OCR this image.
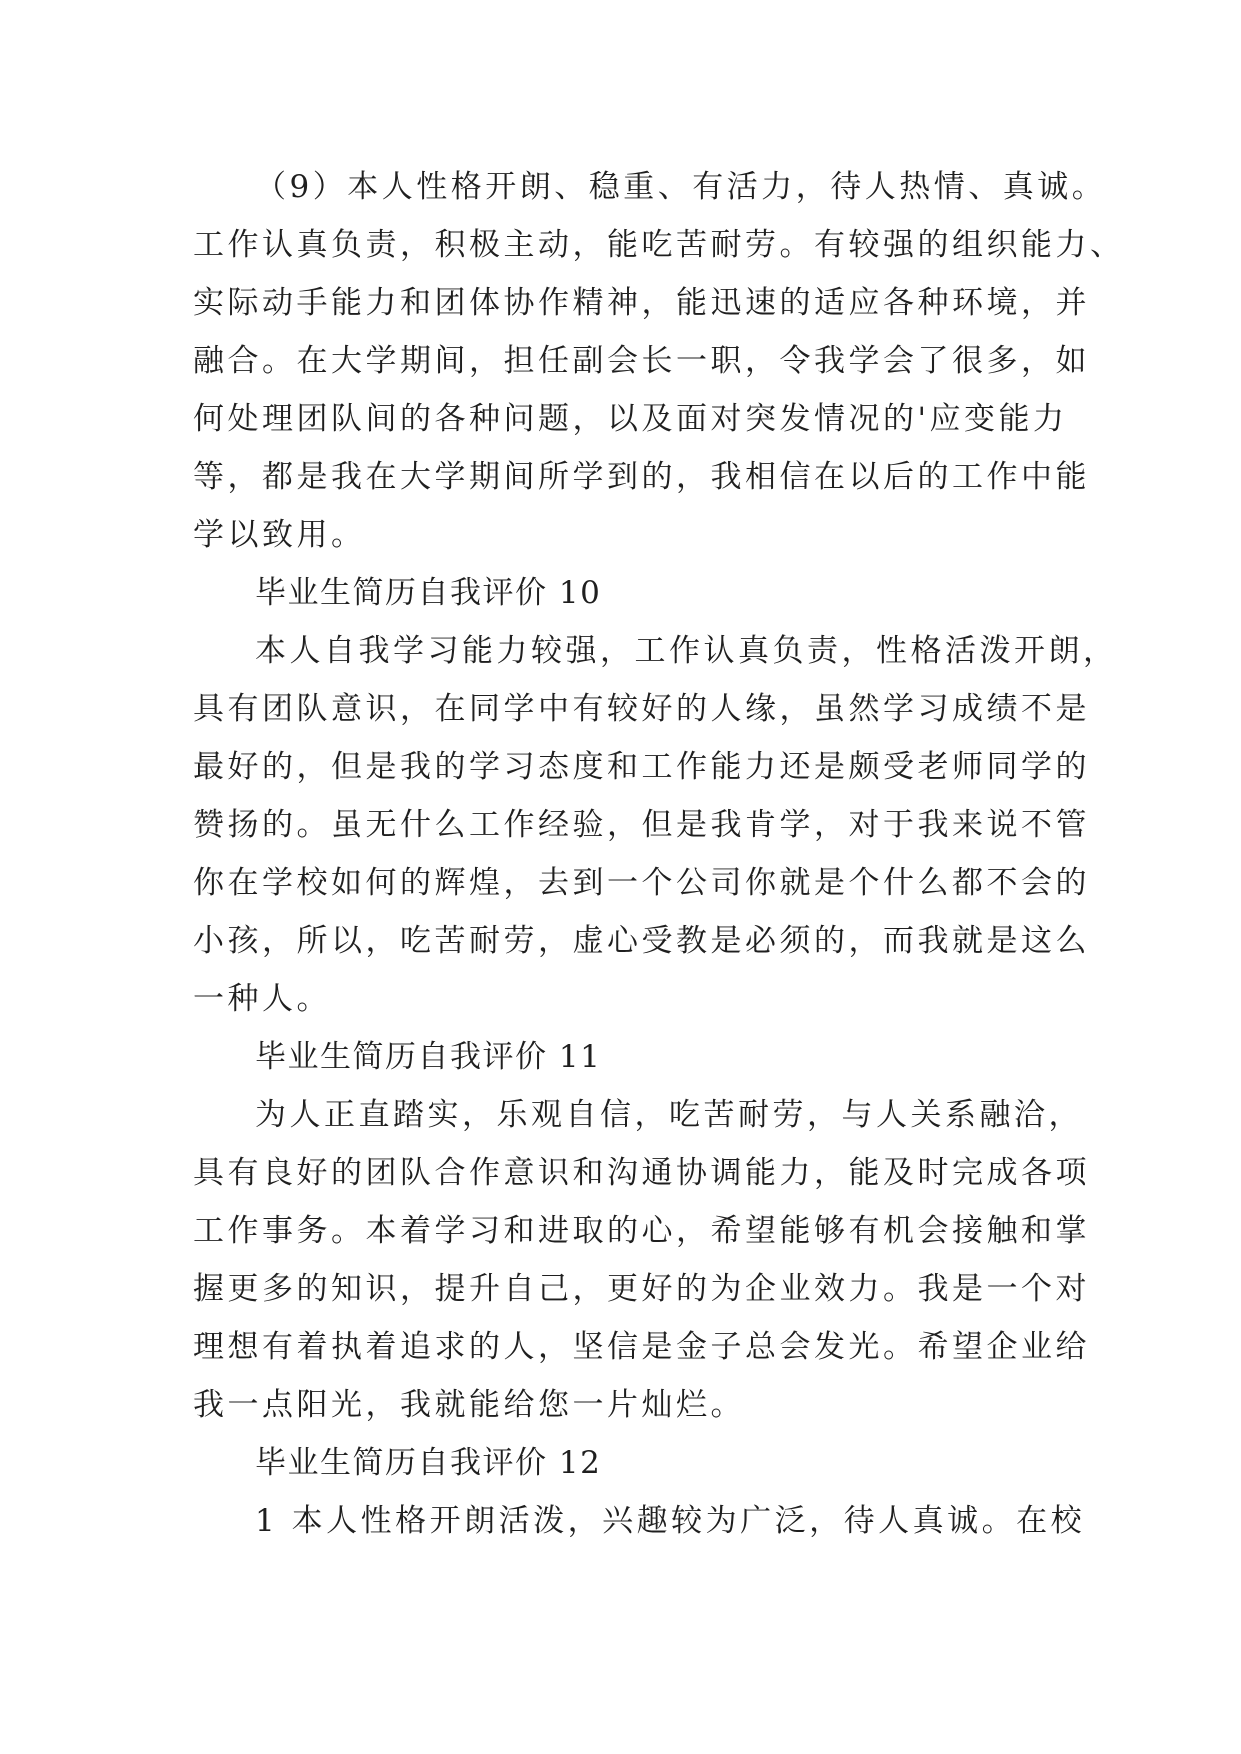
（9）本人性格开朗、稳重、有活力，待人热情、真诚。
工作认真负责，积极主动，能吃苦耐劳。有较强的组织能力、
实际动手能力和团体协作精神，能迅速的适应各种环境，并
融合。在大学期间，担任副会长一职，令我学会了很多，如
何处理团队间的各种问题，以及面对突发情况的'应变能力
等，都是我在大学期间所学到的，我相信在以后的工作中能
学以致用。
毕业生简历自我评价 10
本人自我学习能力较强，工作认真负责，性格活泼开朗，
具有团队意识，在同学中有较好的人缘，虽然学习成绩不是
最好的，但是我的学习态度和工作能力还是颇受老师同学的
赞扬的。虽无什么工作经验，但是我肯学，对于我来说不管
你在学校如何的辉煌，去到一个公司你就是个什么都不会的
小孩，所以，吃苦耐劳，虚心受教是必须的，而我就是这么
一种人。
毕业生简历自我评价 11
为人正直踏实，乐观自信，吃苦耐劳，与人关系融洽，
具有良好的团队合作意识和沟通协调能力，能及时完成各项
工作事务。本着学习和进取的心，希望能够有机会接触和掌
握更多的知识，提升自己，更好的为企业效力。我是一个对
理想有着执着追求的人，坚信是金子总会发光。希望企业给
我一点阳光，我就能给您一片灿烂。
毕业生简历自我评价 12
1 本人性格开朗活泼，兴趣较为广泛，待人真诚。在校
